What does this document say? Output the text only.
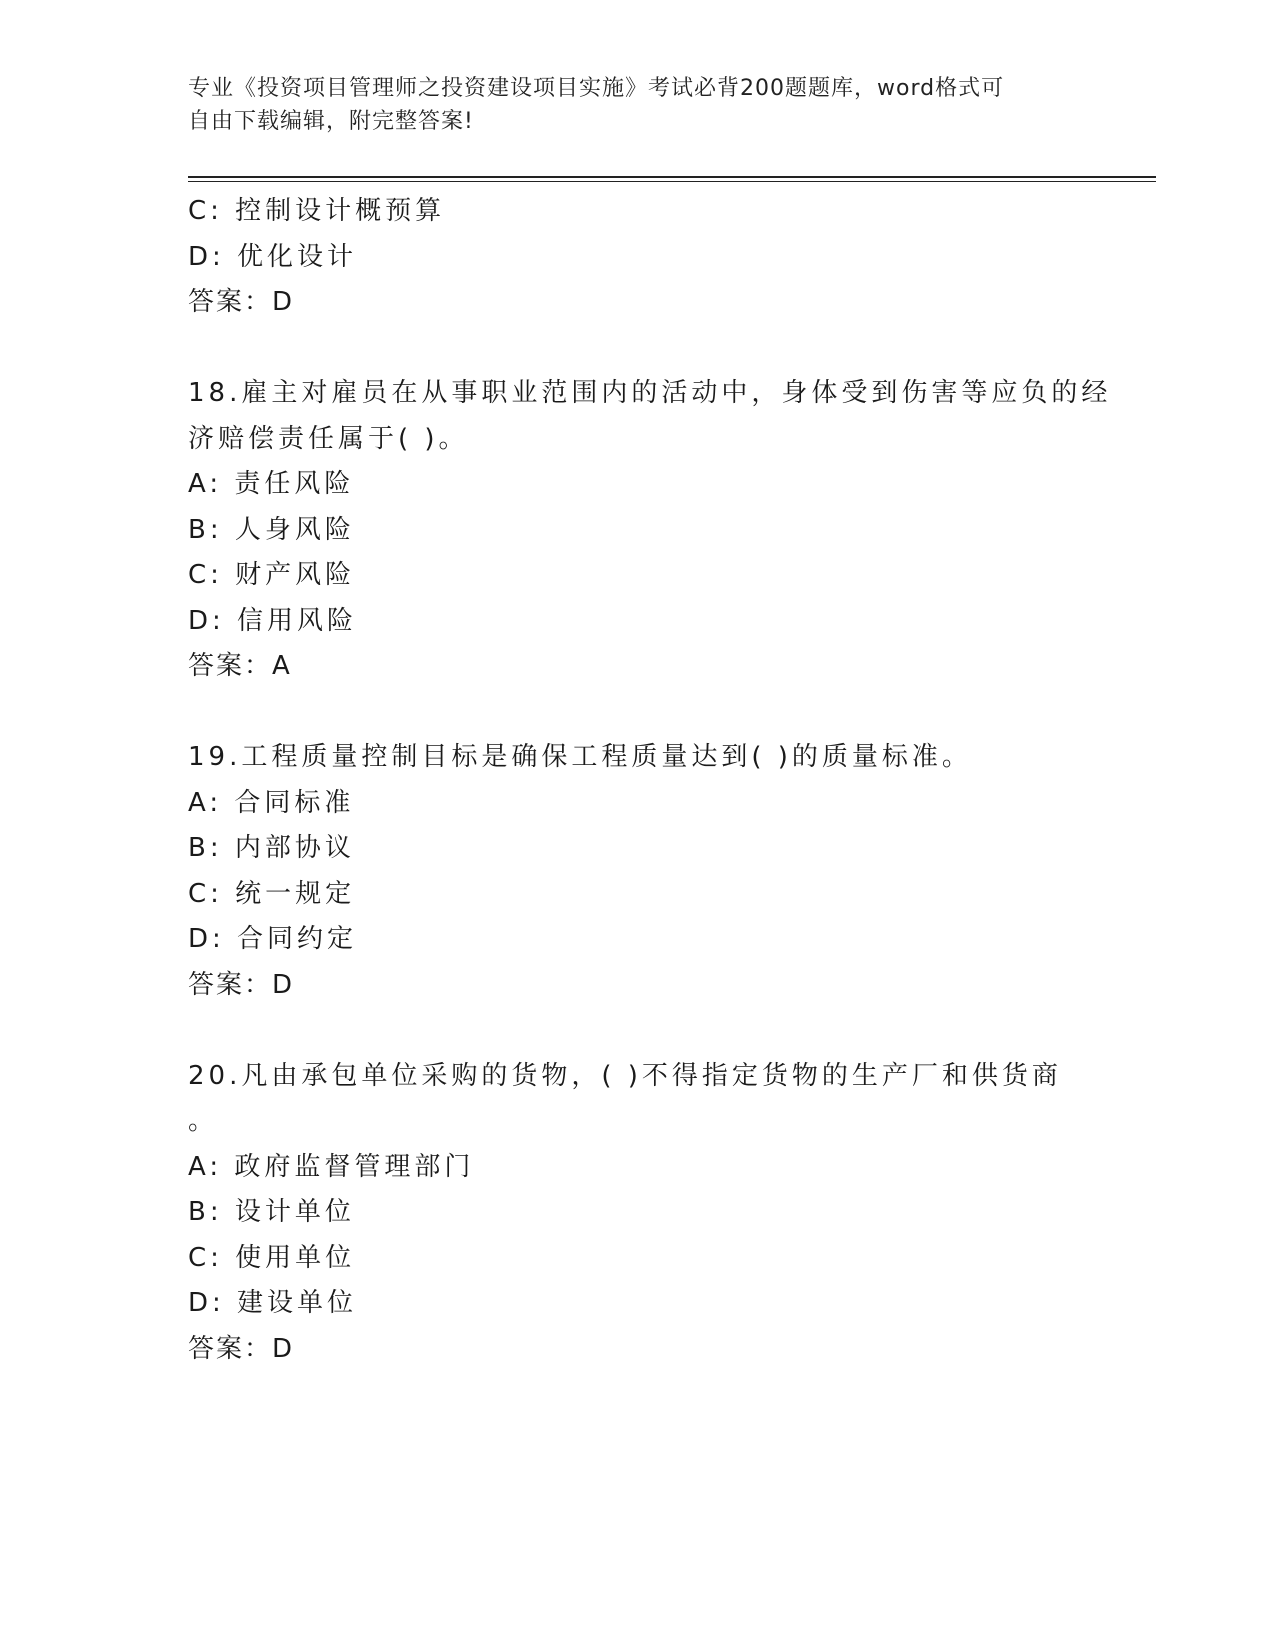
专业《投资项目管理师之投资建设项目实施》考试必背200题题库，word格式可
自由下载编辑，附完整答案!
C: 控制设计概预算
D: 优化设计
答案：D
18.雇主对雇员在从事职业范围内的活动中，身体受到伤害等应负的经
济赔偿责任属于( )。
A: 责任风险
B: 人身风险
C: 财产风险
D: 信用风险
答案：A
19.工程质量控制目标是确保工程质量达到( )的质量标准。
A: 合同标准
B: 内部协议
C: 统一规定
D: 合同约定
答案：D
20.凡由承包单位采购的货物，( )不得指定货物的生产厂和供货商
。
A: 政府监督管理部门
B: 设计单位
C: 使用单位
D: 建设单位
答案：D
